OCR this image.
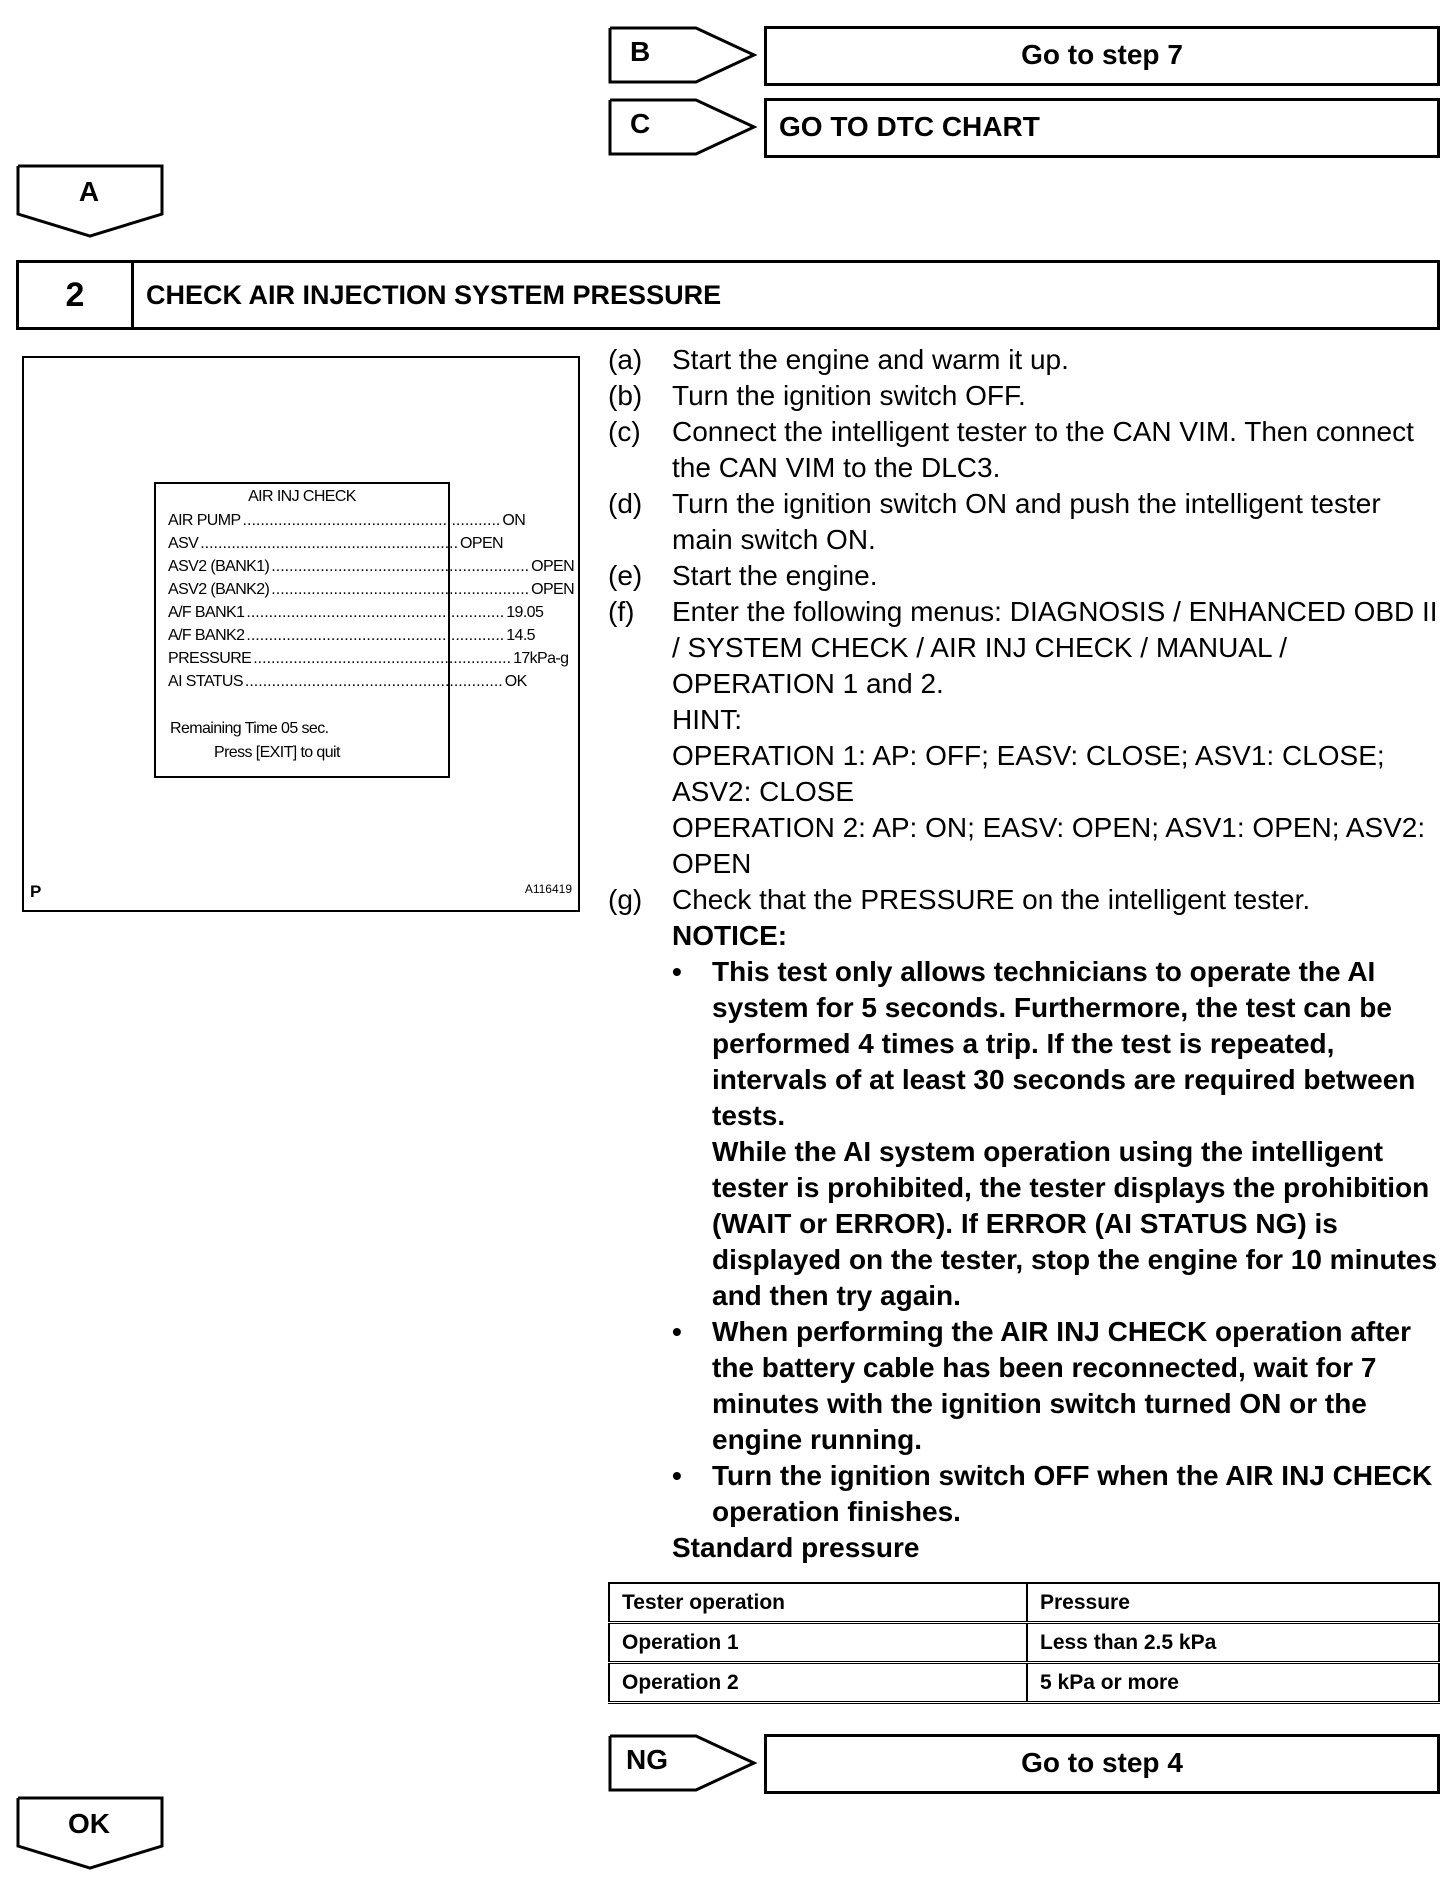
B	Go to step 7
C	GO TO DTC CHART
A
2	CHECK AIR INJECTION SYSTEM PRESSURE
AIR INJ CHECK
AIR PUMP .......................................................... ON
ASV .......................................................... OPEN
ASV2 (BANK1) .......................................................... OPEN
ASV2 (BANK2) .......................................................... OPEN
A/F BANK1 .......................................................... 19.05
A/F BANK2 .......................................................... 14.5
PRESSURE .......................................................... 17kPa-g
AI STATUS .......................................................... OK
Remaining Time 05 sec.
Press [EXIT] to quit
P	A116419
(a)	Start the engine and warm it up.
(b)	Turn the ignition switch OFF.
(c)	Connect the intelligent tester to the CAN VIM. Then connect the CAN VIM to the DLC3.
(d)	Turn the ignition switch ON and push the intelligent tester main switch ON.
(e)	Start the engine.
(f)	Enter the following menus: DIAGNOSIS / ENHANCED OBD II / SYSTEM CHECK / AIR INJ CHECK / MANUAL / OPERATION 1 and 2.
HINT:
OPERATION 1: AP: OFF; EASV: CLOSE; ASV1: CLOSE; ASV2: CLOSE
OPERATION 2: AP: ON; EASV: OPEN; ASV1: OPEN; ASV2: OPEN
(g)	Check that the PRESSURE on the intelligent tester.
NOTICE:
•	This test only allows technicians to operate the AI system for 5 seconds. Furthermore, the test can be performed 4 times a trip. If the test is repeated, intervals of at least 30 seconds are required between tests.
While the AI system operation using the intelligent tester is prohibited, the tester displays the prohibition (WAIT or ERROR). If ERROR (AI STATUS NG) is displayed on the tester, stop the engine for 10 minutes and then try again.
•	When performing the AIR INJ CHECK operation after the battery cable has been reconnected, wait for 7 minutes with the ignition switch turned ON or the engine running.
•	Turn the ignition switch OFF when the AIR INJ CHECK operation finishes.
Standard pressure
Tester operation	Pressure
Operation 1	Less than 2.5 kPa
Operation 2	5 kPa or more
NG	Go to step 4
OK
